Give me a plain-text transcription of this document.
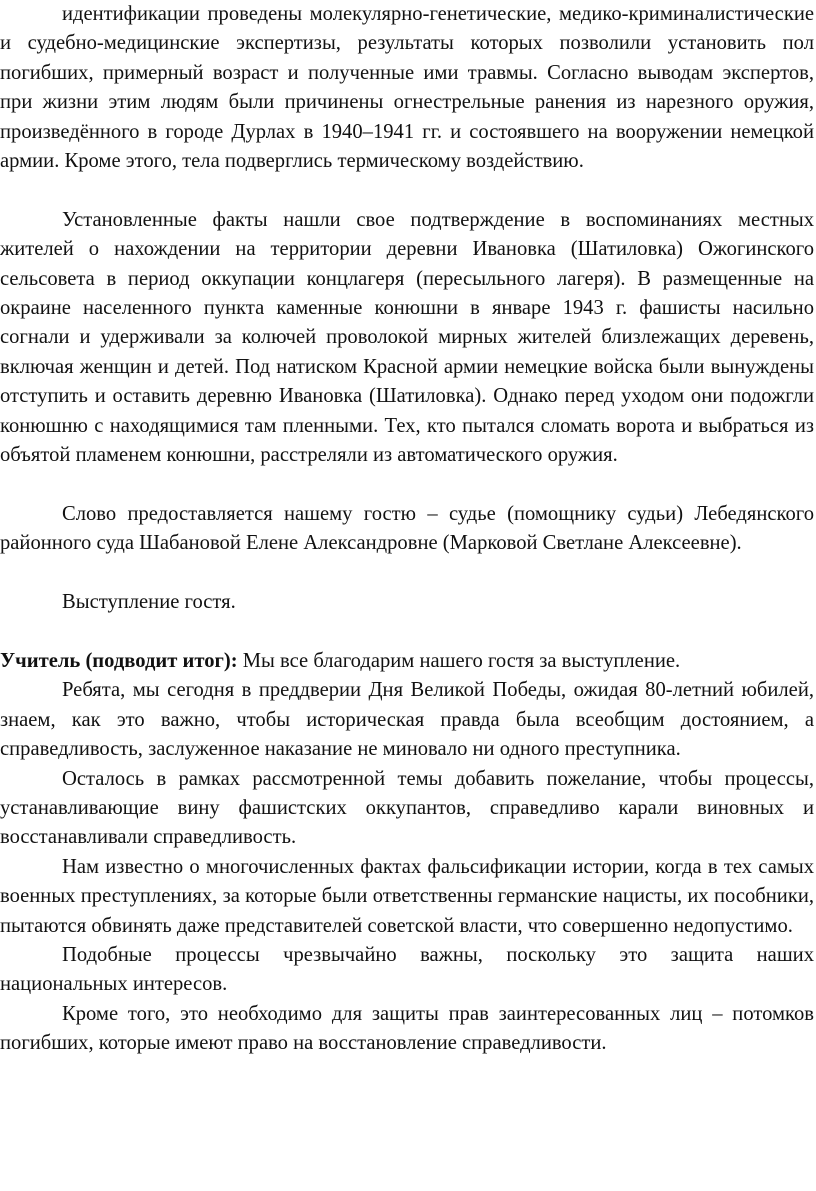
идентификации проведены молекулярно-генетические, медико-криминалистические и судебно-медицинские экспертизы, результаты которых позволили установить пол погибших, примерный возраст и полученные ими травмы. Согласно выводам экспертов, при жизни этим людям были причинены огнестрельные ранения из нарезного оружия, произведённого в городе Дурлах в 1940–1941 гг. и состоявшего на вооружении немецкой армии. Кроме этого, тела подверглись термическому воздействию.

Установленные факты нашли свое подтверждение в воспоминаниях местных жителей о нахождении на территории деревни Ивановка (Шатиловка) Ожогинского сельсовета в период оккупации концлагеря (пересыльного лагеря). В размещенные на окраине населенного пункта каменные конюшни в январе 1943 г. фашисты насильно согнали и удерживали за колючей проволокой мирных жителей близлежащих деревень, включая женщин и детей. Под натиском Красной армии немецкие войска были вынуждены отступить и оставить деревню Ивановка (Шатиловка). Однако перед уходом они подожгли конюшню с находящимися там пленными. Тех, кто пытался сломать ворота и выбраться из объятой пламенем конюшни, расстреляли из автоматического оружия.

Слово предоставляется нашему гостю – судье (помощнику судьи) Лебедянского районного суда Шабановой Елене Александровне (Марковой Светлане Алексеевне).

Выступление гостя.

Учитель (подводит итог): Мы все благодарим нашего гостя за выступление.

Ребята, мы сегодня в преддверии Дня Великой Победы, ожидая 80-летний юбилей, знаем, как это важно, чтобы историческая правда была всеобщим достоянием, а справедливость, заслуженное наказание не миновало ни одного преступника.

Осталось в рамках рассмотренной темы добавить пожелание, чтобы процессы, устанавливающие вину фашистских оккупантов, справедливо карали виновных и восстанавливали справедливость.

Нам известно о многочисленных фактах фальсификации истории, когда в тех самых военных преступлениях, за которые были ответственны германские нацисты, их пособники, пытаются обвинять даже представителей советской власти, что совершенно недопустимо.

Подобные процессы чрезвычайно важны, поскольку это защита наших национальных интересов.

Кроме того, это необходимо для защиты прав заинтересованных лиц – потомков погибших, которые имеют право на восстановление справедливости.
